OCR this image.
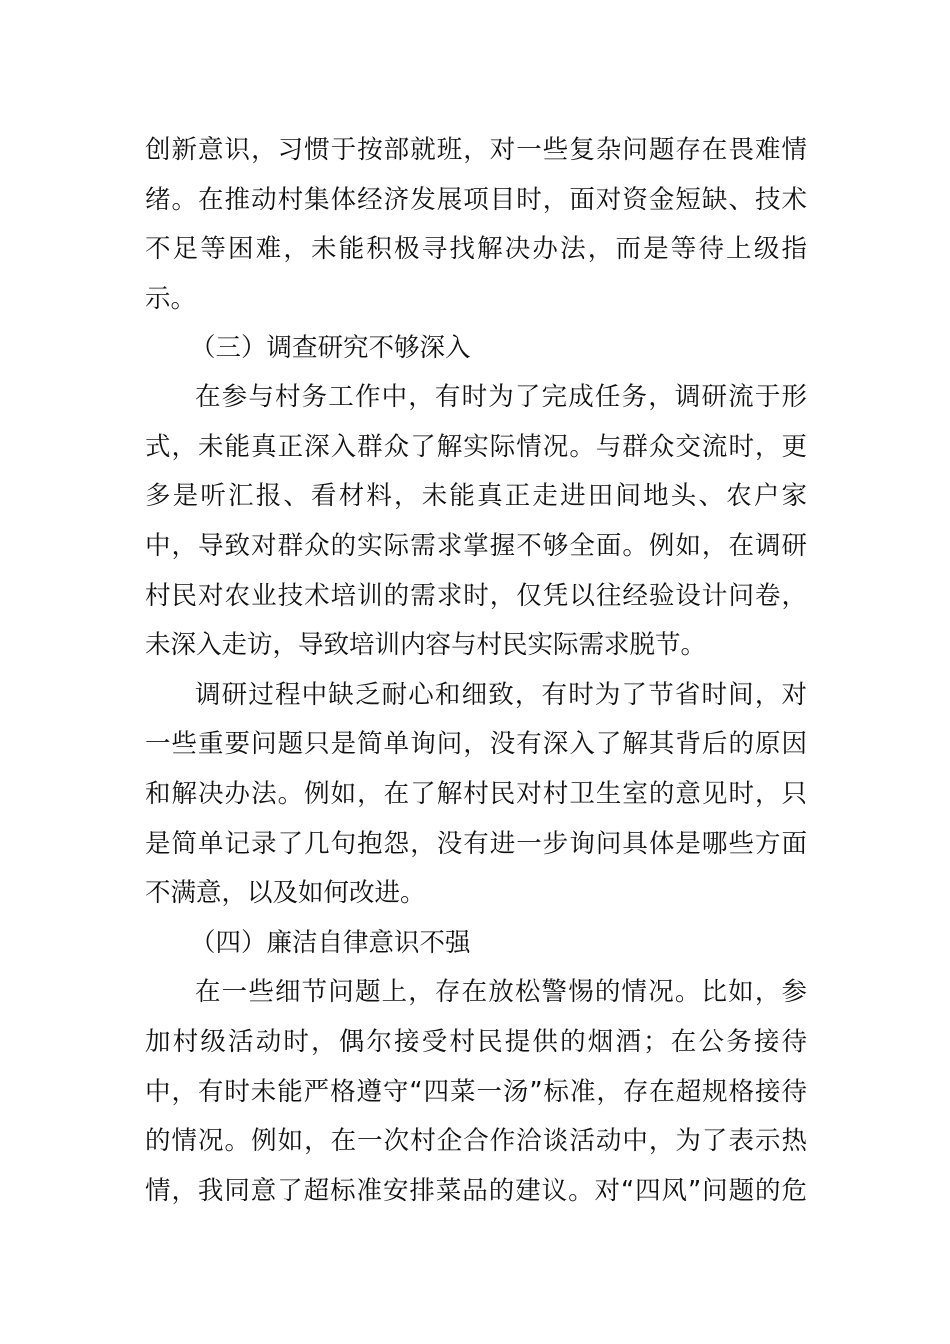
创新意识，习惯于按部就班，对一些复杂问题存在畏难情
绪。在推动村集体经济发展项目时，面对资金短缺、技术
不足等困难，未能积极寻找解决办法，而是等待上级指
示。
（三）调查研究不够深入
在参与村务工作中，有时为了完成任务，调研流于形
式，未能真正深入群众了解实际情况。与群众交流时，更
多是听汇报、看材料，未能真正走进田间地头、农户家
中，导致对群众的实际需求掌握不够全面。例如，在调研
村民对农业技术培训的需求时，仅凭以往经验设计问卷，
未深入走访，导致培训内容与村民实际需求脱节。
调研过程中缺乏耐心和细致，有时为了节省时间，对
一些重要问题只是简单询问，没有深入了解其背后的原因
和解决办法。例如，在了解村民对村卫生室的意见时，只
是简单记录了几句抱怨，没有进一步询问具体是哪些方面
不满意，以及如何改进。
（四）廉洁自律意识不强
在一些细节问题上，存在放松警惕的情况。比如，参
加村级活动时，偶尔接受村民提供的烟酒；在公务接待
中，有时未能严格遵守“四菜一汤”标准，存在超规格接待
的情况。例如，在一次村企合作洽谈活动中，为了表示热
情，我同意了超标准安排菜品的建议。对“四风”问题的危
